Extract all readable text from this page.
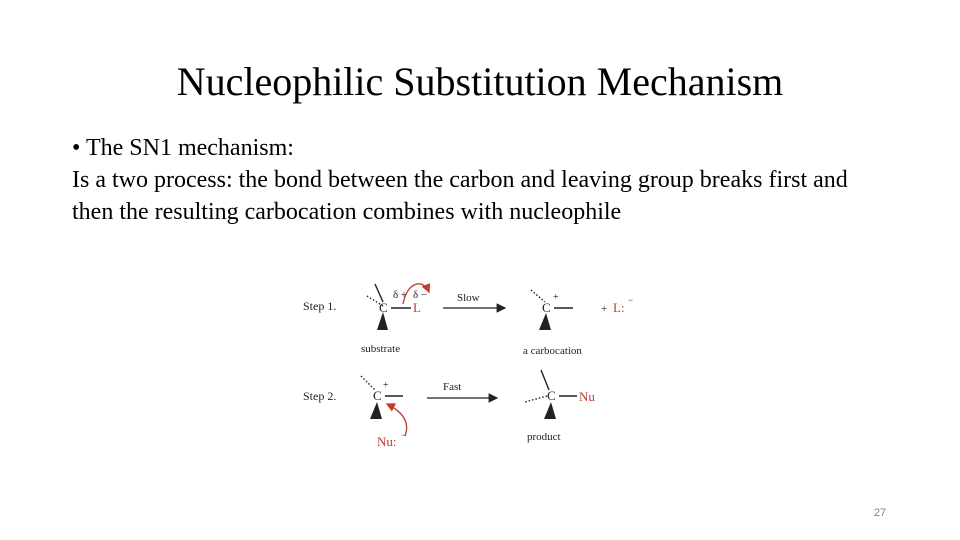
Nucleophilic Substitution Mechanism

• The SN1 mechanism:

Is a two process: the bond between the carbon and leaving group breaks first and then the resulting carbocation combines with nucleophile

Step 1.
δ + δ −
C L
substrate
Slow
C
+
+ L: −
a carbocation
Step 2.	C
+
Nu: −
Fast
C Nu
product
27
